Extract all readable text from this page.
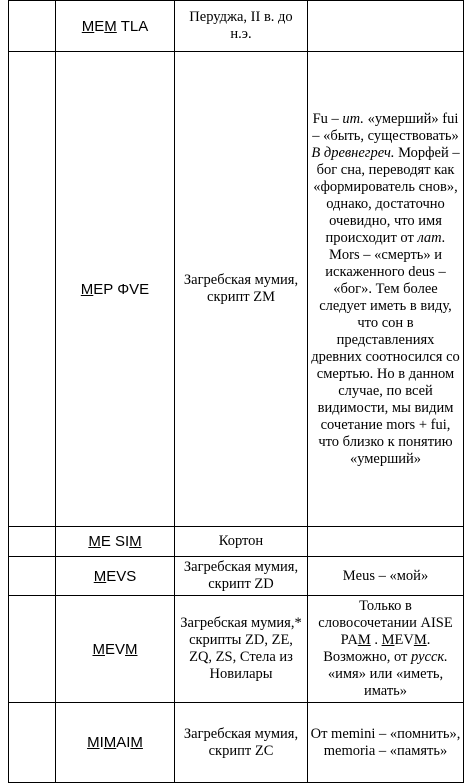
	MEM TLA	Перуджа, II в. до н.э.	
	MEP ΦVE	Загребская мумия, скрипт ZM	Fu – ит. «умерший» fui – «быть, существовать» В древнегреч. Морфей – бог сна, переводят как «формирователь снов», однако, достаточно очевидно, что имя происходит от лат. Mors – «смерть» и искаженного deus – «бог». Тем более следует иметь в виду, что сон в представлениях древних соотносился со смертью. Но в данном случае, по всей видимости, мы видим сочетание mors + fui, что близко к понятию «умерший»
	ME SIM	Кортон	
	MEVS	Загребская мумия, скрипт ZD	Meus – «мой»
	MEVM	Загребская мумия,* скрипты ZD, ZE, ZQ, ZS, Стела из Новилары	Только в словосочетании AISE PAM . MEVM. Возможно, от русск. «имя» или «иметь, имать»
	MIMAIM	Загребская мумия, скрипт ZC	От memini – «помнить», memoria – «память»
